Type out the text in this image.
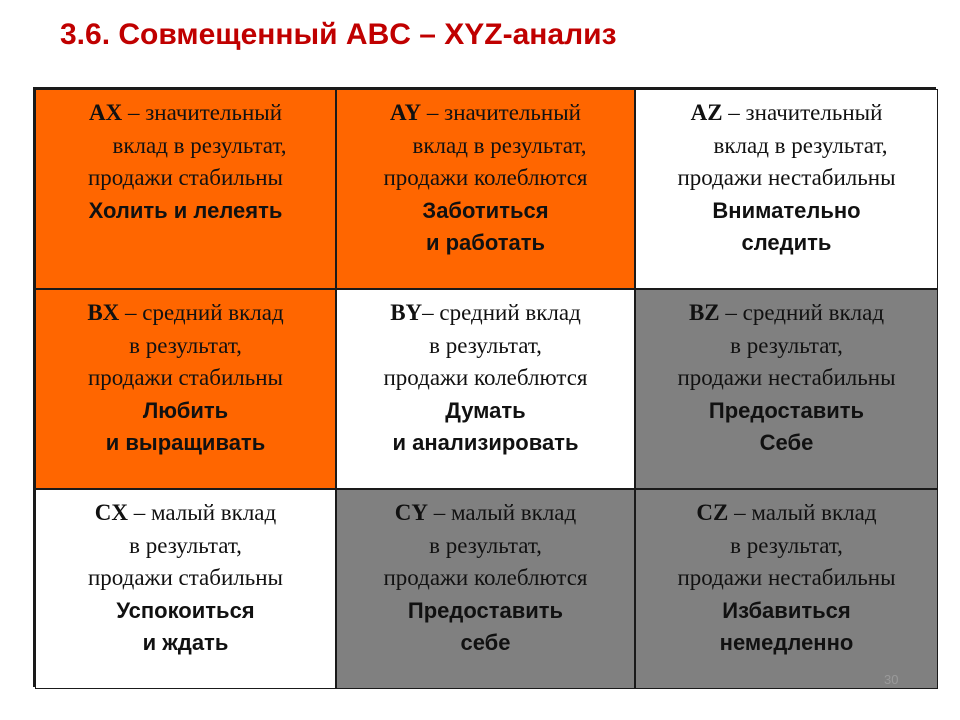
3.6. Совмещенный ABC – XYZ-анализ
АХ – значительный
вклад в результат,
продажи стабильны
Холить и лелеять
AY – значительный
вклад в результат,
продажи колеблются
Заботиться
и работать
AZ – значительный
вклад в результат,
продажи нестабильны
Внимательно
следить
BX – средний вклад
в результат,
продажи стабильны
Любить
и выращивать
BY– средний вклад
в результат,
продажи колеблются
Думать
и анализировать
BZ – средний вклад
в результат,
продажи нестабильны
Предоставить
Себе
CX – малый вклад
в результат,
продажи стабильны
Успокоиться
и ждать
CY – малый вклад
в результат,
продажи колеблются
Предоставить
себе
CZ – малый вклад
в результат,
продажи нестабильны
Избавиться
немедленно
30
